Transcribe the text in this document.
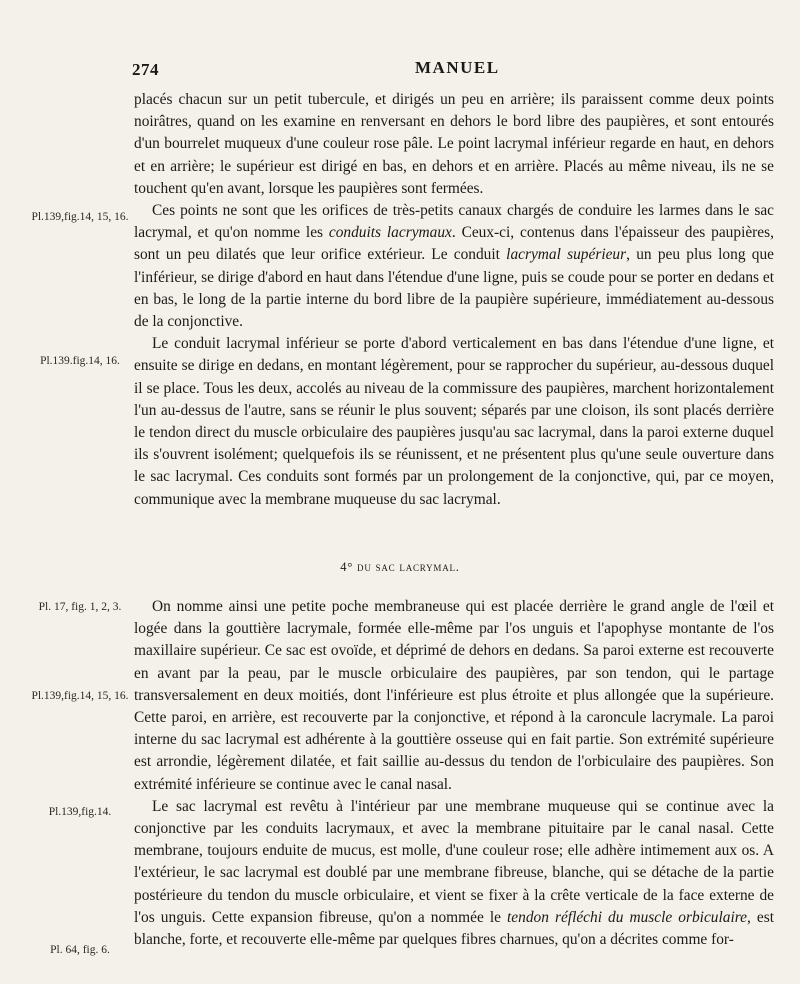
274	MANUEL
Pl.139,fig.14, 15, 16.
Pl.139.fig.14, 16.
Pl. 17, fig. 1, 2, 3.
Pl.139,fig.14, 15, 16.
Pl.139,fig.14.
Pl. 64, fig. 6.

placés chacun sur un petit tubercule, et dirigés un peu en arrière; ils paraissent comme deux points noirâtres, quand on les examine en renversant en dehors le bord libre des paupières, et sont entourés d'un bourrelet muqueux d'une couleur rose pâle. Le point lacrymal inférieur regarde en haut, en dehors et en arrière; le supérieur est dirigé en bas, en dehors et en arrière. Placés au même niveau, ils ne se touchent qu'en avant, lorsque les paupières sont fermées.

Ces points ne sont que les orifices de très-petits canaux chargés de conduire les larmes dans le sac lacrymal, et qu'on nomme les conduits lacrymaux. Ceux-ci, contenus dans l'épaisseur des paupières, sont un peu dilatés que leur orifice extérieur. Le conduit lacrymal supérieur, un peu plus long que l'inférieur, se dirige d'abord en haut dans l'étendue d'une ligne, puis se coude pour se porter en dedans et en bas, le long de la partie interne du bord libre de la paupière supérieure, immédiatement au-dessous de la conjonctive.

Le conduit lacrymal inférieur se porte d'abord verticalement en bas dans l'étendue d'une ligne, et ensuite se dirige en dedans, en montant légèrement, pour se rapprocher du supérieur, au-dessous duquel il se place. Tous les deux, accolés au niveau de la commissure des paupières, marchent horizontalement l'un au-dessus de l'autre, sans se réunir le plus souvent; séparés par une cloison, ils sont placés derrière le tendon direct du muscle orbiculaire des paupières jusqu'au sac lacrymal, dans la paroi externe duquel ils s'ouvrent isolément; quelquefois ils se réunissent, et ne présentent plus qu'une seule ouverture dans le sac lacrymal. Ces conduits sont formés par un prolongement de la conjonctive, qui, par ce moyen, communique avec la membrane muqueuse du sac lacrymal.

4° du sac lacrymal.

On nomme ainsi une petite poche membraneuse qui est placée derrière le grand angle de l'œil et logée dans la gouttière lacrymale, formée elle-même par l'os unguis et l'apophyse montante de l'os maxillaire supérieur. Ce sac est ovoïde, et déprimé de dehors en dedans. Sa paroi externe est recouverte en avant par la peau, par le muscle orbiculaire des paupières, par son tendon, qui le partage transversalement en deux moitiés, dont l'inférieure est plus étroite et plus allongée que la supérieure. Cette paroi, en arrière, est recouverte par la conjonctive, et répond à la caroncule lacrymale. La paroi interne du sac lacrymal est adhérente à la gouttière osseuse qui en fait partie. Son extrémité supérieure est arrondie, légèrement dilatée, et fait saillie au-dessus du tendon de l'orbiculaire des paupières. Son extrémité inférieure se continue avec le canal nasal.

Le sac lacrymal est revêtu à l'intérieur par une membrane muqueuse qui se continue avec la conjonctive par les conduits lacrymaux, et avec la membrane pituitaire par le canal nasal. Cette membrane, toujours enduite de mucus, est molle, d'une couleur rose; elle adhère intimement aux os. A l'extérieur, le sac lacrymal est doublé par une membrane fibreuse, blanche, qui se détache de la partie postérieure du tendon du muscle orbiculaire, et vient se fixer à la crête verticale de la face externe de l'os unguis. Cette expansion fibreuse, qu'on a nommée le tendon réfléchi du muscle orbiculaire, est blanche, forte, et recouverte elle-même par quelques fibres charnues, qu'on a décrites comme for-
